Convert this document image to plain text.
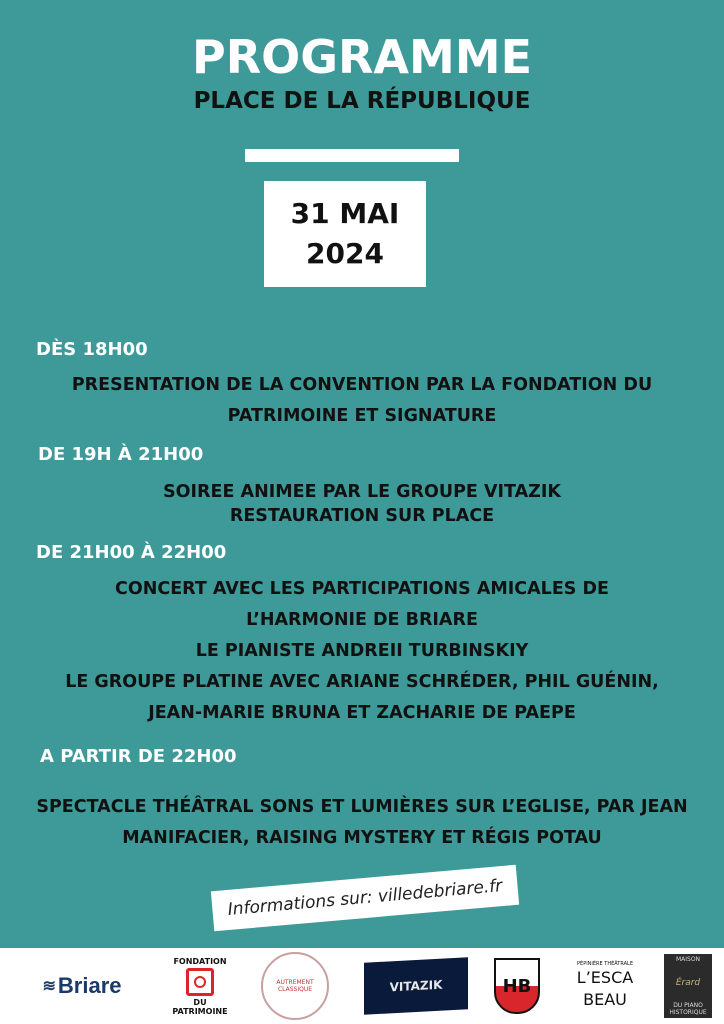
PROGRAMME
PLACE DE LA RÉPUBLIQUE
31 MAI
2024
DÈS 18H00
PRESENTATION DE LA CONVENTION PAR LA FONDATION DU
PATRIMOINE ET SIGNATURE
DE 19H À 21H00
SOIREE ANIMEE PAR LE GROUPE VITAZIK
RESTAURATION SUR PLACE
DE 21H00 À 22H00
CONCERT AVEC LES PARTICIPATIONS AMICALES DE
L’HARMONIE DE BRIARE
LE PIANISTE ANDREII TURBINSKIY
LE GROUPE PLATINE AVEC ARIANE SCHRÉDER, PHIL GUÉNIN,
JEAN-MARIE BRUNA ET ZACHARIE DE PAEPE
A PARTIR DE 22H00
SPECTACLE THÉÂTRAL SONS ET LUMIÈRES SUR L’EGLISE, PAR JEAN
MANIFACIER, RAISING MYSTERY ET RÉGIS POTAU
Informations sur: villedebriare.fr
≋ Briare
FONDATION
DU
PATRIMOINE
AUTREMENT CLASSIQUE	VITAZIK	HB
PÉPINIÈRE THÉÂTRALE
L’ESCA
BEAU
MAISON
Érard
DU PIANO HISTORIQUE
